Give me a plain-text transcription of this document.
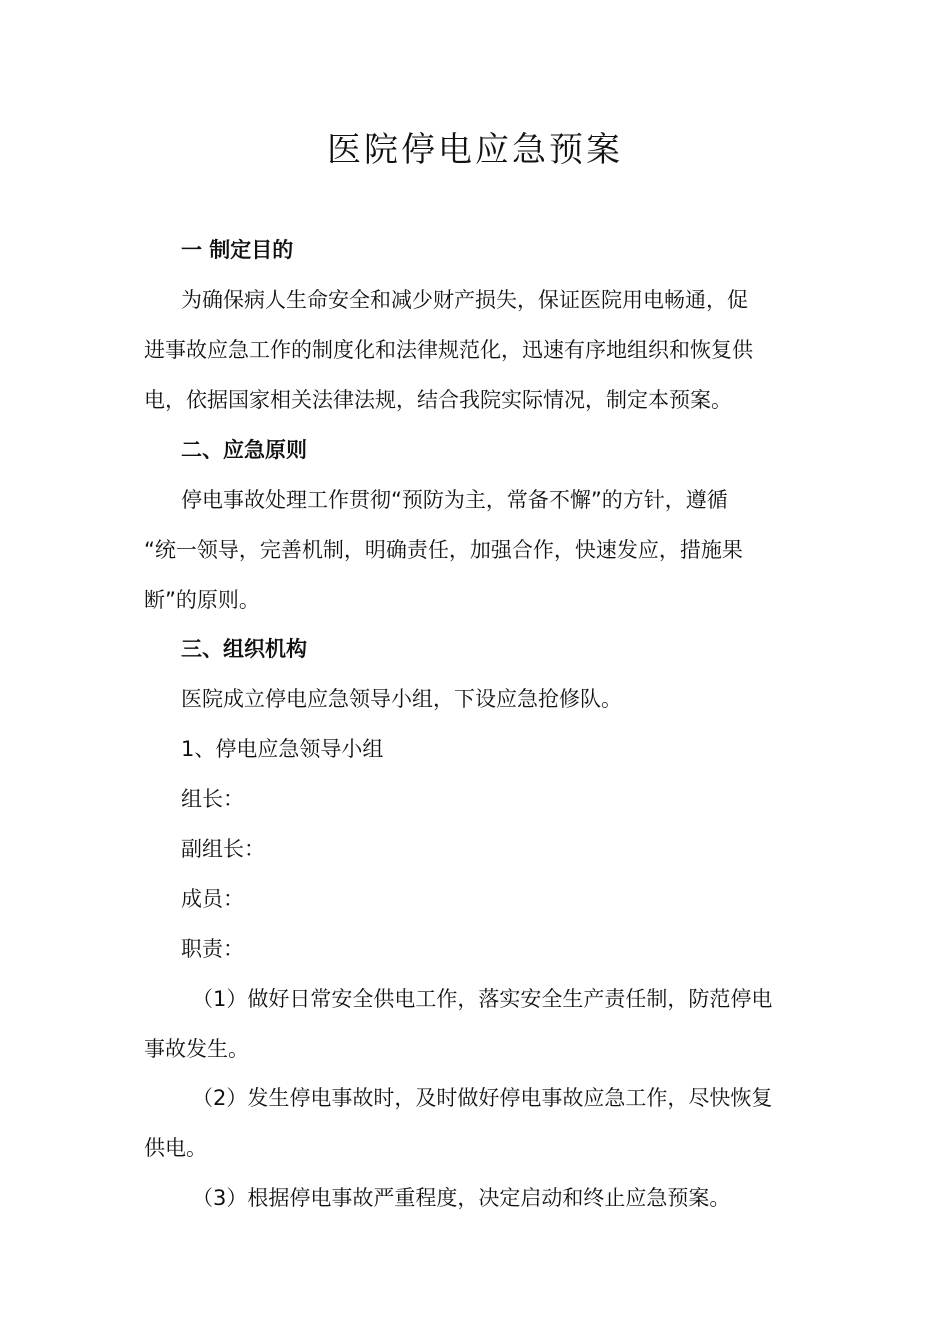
医院停电应急预案
一 制定目的
为确保病人生命安全和减少财产损失，保证医院用电畅通，促
进事故应急工作的制度化和法律规范化，迅速有序地组织和恢复供
电，依据国家相关法律法规，结合我院实际情况，制定本预案。
二、应急原则
停电事故处理工作贯彻“预防为主，常备不懈”的方针，遵循
“统一领导，完善机制，明确责任，加强合作，快速发应，措施果
断”的原则。
三、组织机构
医院成立停电应急领导小组，下设应急抢修队。
1、停电应急领导小组
组长：
副组长：
成员：
职责：
（1）做好日常安全供电工作，落实安全生产责任制，防范停电
事故发生。
（2）发生停电事故时，及时做好停电事故应急工作，尽快恢复
供电。
（3）根据停电事故严重程度，决定启动和终止应急预案。
